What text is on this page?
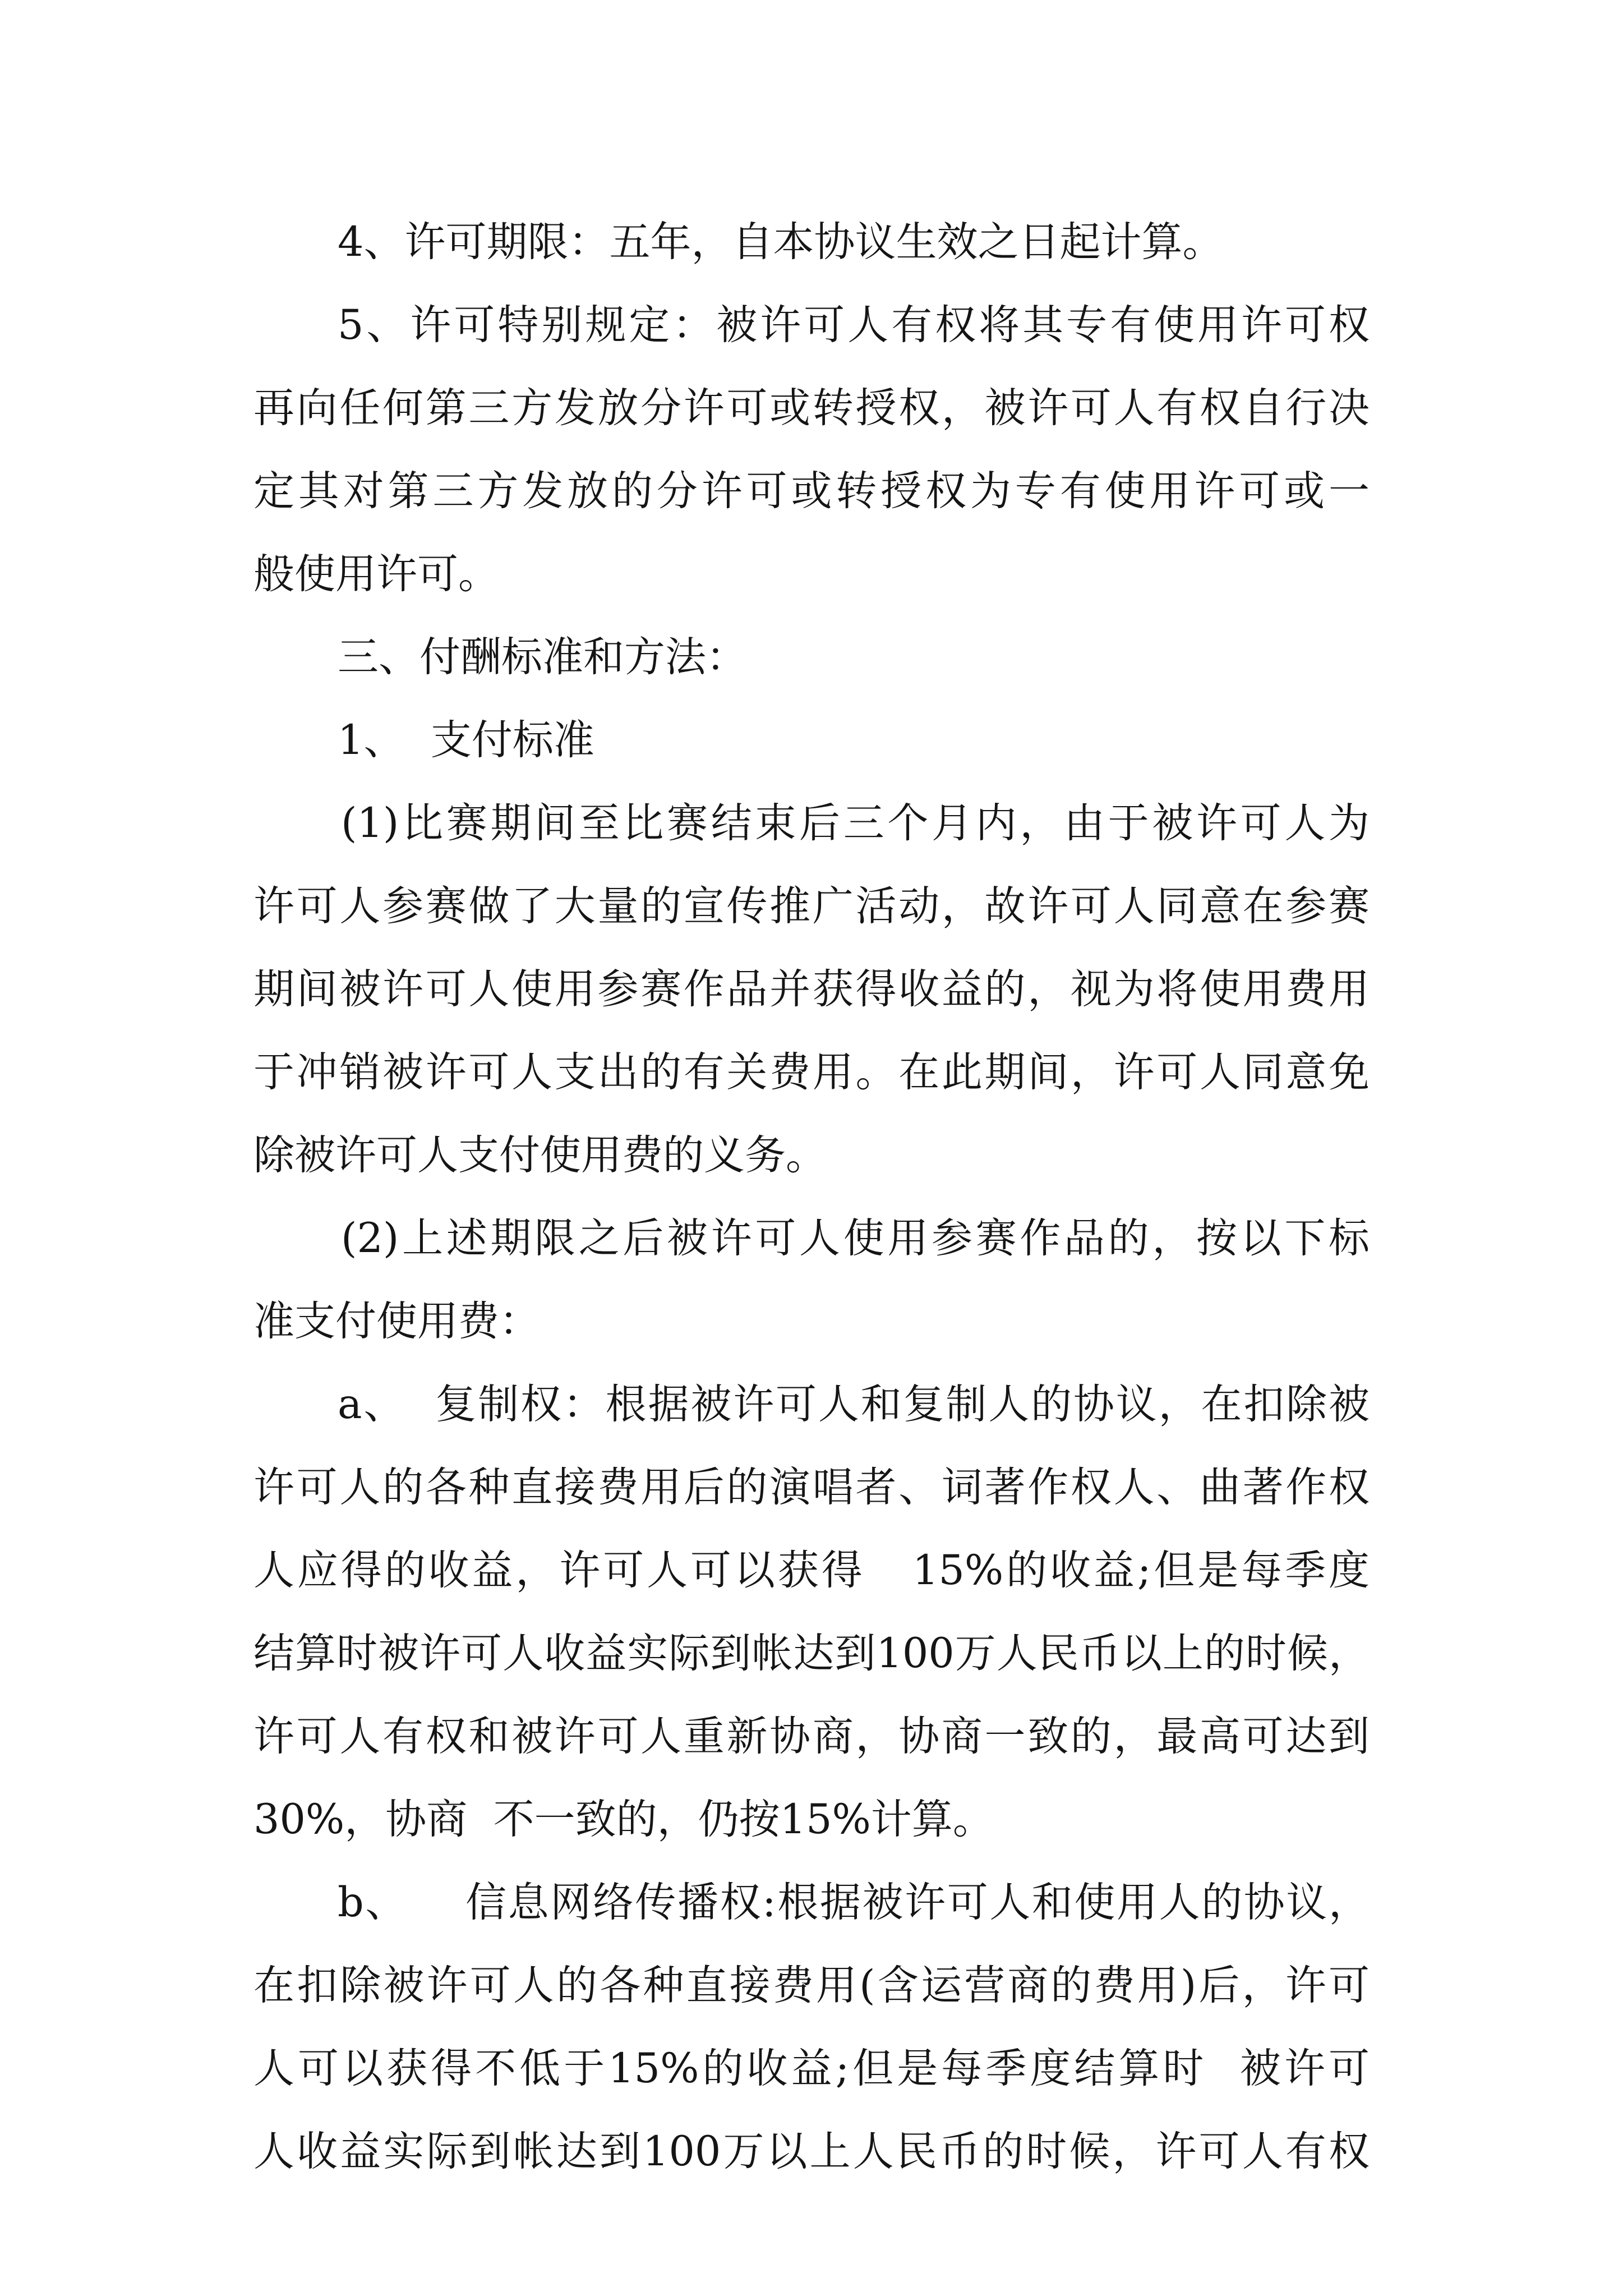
4、许可期限：五年，自本协议生效之日起计算。

5、许可特别规定：被许可人有权将其专有使用许可权

再向任何第三方发放分许可或转授权，被许可人有权自行决

定其对第三方发放的分许可或转授权为专有使用许可或一

般使用许可。

三、付酬标准和方法：

1、  支付标准

(1)比赛期间至比赛结束后三个月内，由于被许可人为

许可人参赛做了大量的宣传推广活动，故许可人同意在参赛

期间被许可人使用参赛作品并获得收益的，视为将使用费用

于冲销被许可人支出的有关费用。在此期间，许可人同意免

除被许可人支付使用费的义务。

(2)上述期限之后被许可人使用参赛作品的，按以下标

准支付使用费：

a、  复制权：根据被许可人和复制人的协议，在扣除被

许可人的各种直接费用后的演唱者、词著作权人、曲著作权

人应得的收益，许可人可以获得   15%的收益;但是每季度

结算时被许可人收益实际到帐达到100万人民币以上的时候，

许可人有权和被许可人重新协商，协商一致的，最高可达到

30%，协商  不一致的，仍按15%计算。

b、    信息网络传播权:根据被许可人和使用人的协议，

在扣除被许可人的各种直接费用(含运营商的费用)后，许可

人可以获得不低于15%的收益;但是每季度结算时  被许可

人收益实际到帐达到100万以上人民币的时候，许可人有权
